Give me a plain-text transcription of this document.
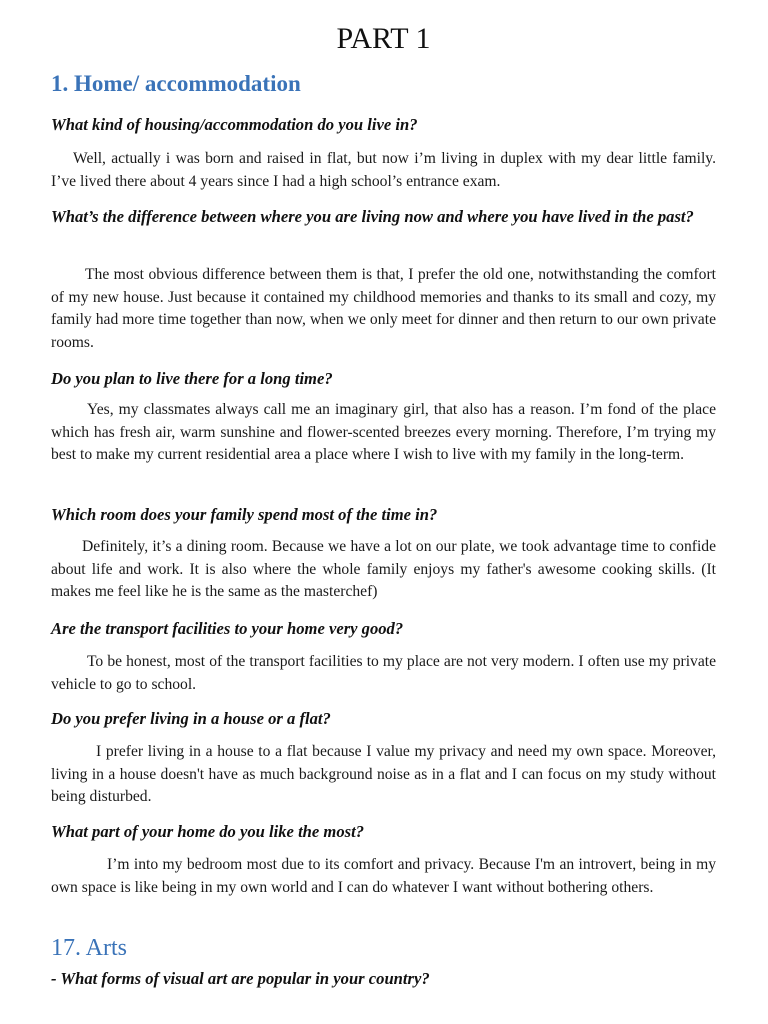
PART 1
1. Home/ accommodation

What kind of housing/accommodation do you live in?

Well, actually i was born and raised in flat, but now i’m living in duplex with my dear little family. I’ve lived there about 4 years since I had a high school’s entrance exam.

What’s the difference between where you are living now and where you have lived in the past?

The most obvious difference between them is that, I prefer the old one, notwithstanding the comfort of my new house. Just because it contained my childhood memories and thanks to its small and cozy, my family had more time together than now, when we only meet for dinner and then return to our own private rooms.

Do you plan to live there for a long time?

Yes, my classmates always call me an imaginary girl, that also has a reason. I’m fond of the place which has fresh air, warm sunshine and flower-scented breezes every morning. Therefore, I’m trying my best to make my current residential area a place where I wish to live with my family in the long-term.

Which room does your family spend most of the time in?

Definitely, it’s a dining room. Because we have a lot on our plate, we took advantage time to confide about life and work. It is also where the whole family enjoys my father's awesome cooking skills. (It makes me feel like he is the same as the masterchef)

Are the transport facilities to your home very good?

To be honest, most of the transport facilities to my place are not very modern. I often use my private vehicle to go to school.

Do you prefer living in a house or a flat?

I prefer living in a house to a flat because I value my privacy and need my own space. Moreover, living in a house doesn't have as much background noise as in a flat and I can focus on my study without being disturbed.

What part of your home do you like the most?

I’m into my bedroom most due to its comfort and privacy. Because I'm an introvert, being in my own space is like being in my own world and I can do whatever I want without bothering others.

17. Arts

- What forms of visual art are popular in your country?
